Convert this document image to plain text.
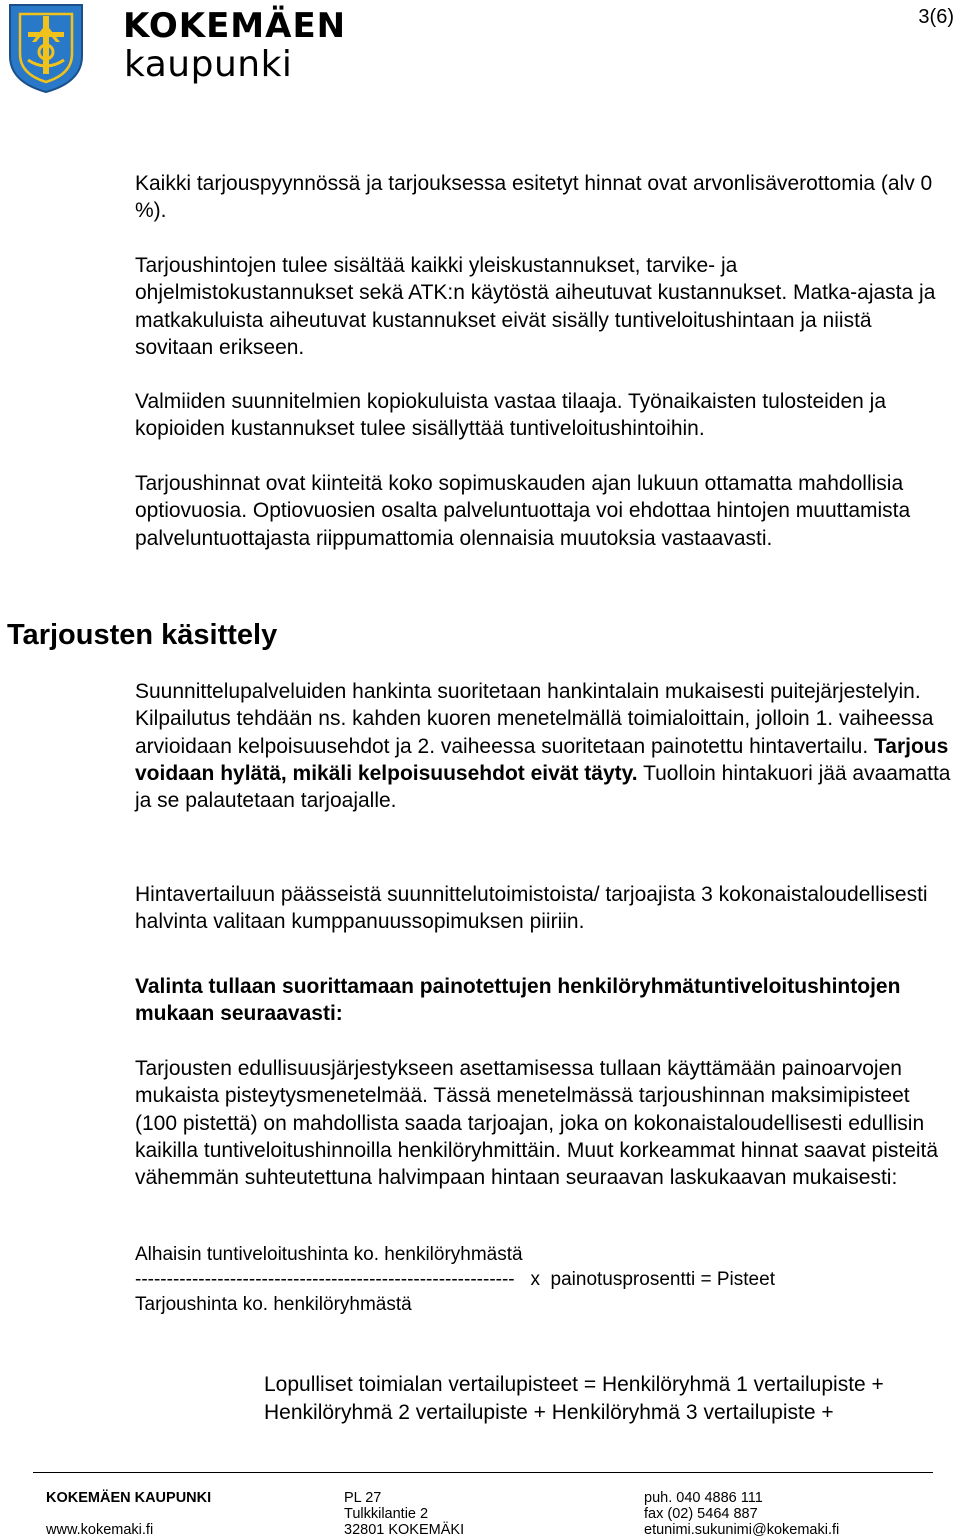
KOKEMÄEN
kaupunki
3(6)

Kaikki tarjouspyynnössä ja tarjouksessa esitetyt hinnat ovat arvonlisäverottomia (alv 0 %).

Tarjoushintojen tulee sisältää kaikki yleiskustannukset, tarvike- ja ohjelmistokustannukset sekä ATK:n käytöstä aiheutuvat kustannukset. Matka-ajasta ja matkakuluista aiheutuvat kustannukset eivät sisälly tuntiveloitushintaan ja niistä sovitaan erikseen.

Valmiiden suunnitelmien kopiokuluista vastaa tilaaja. Työnaikaisten tulosteiden ja kopioiden kustannukset tulee sisällyttää tuntiveloitushintoihin.

Tarjoushinnat ovat kiinteitä koko sopimuskauden ajan lukuun ottamatta mahdollisia optiovuosia. Optiovuosien osalta palveluntuottaja voi ehdottaa hintojen muuttamista palveluntuottajasta riippumattomia olennaisia muutoksia vastaavasti.

Tarjousten käsittely

Suunnittelupalveluiden hankinta suoritetaan hankintalain mukaisesti puitejärjestelyin. Kilpailutus tehdään ns. kahden kuoren menetelmällä toimialoittain, jolloin 1. vaiheessa arvioidaan kelpoisuusehdot ja 2. vaiheessa suoritetaan painotettu hintavertailu. Tarjous voidaan hylätä, mikäli kelpoisuusehdot eivät täyty. Tuolloin hintakuori jää avaamatta ja se palautetaan tarjoajalle.

Hintavertailuun päässeistä suunnittelutoimistoista/ tarjoajista 3 kokonaistaloudellisesti halvinta valitaan kumppanuussopimuksen piiriin.

Valinta tullaan suorittamaan painotettujen henkilöryhmätuntiveloitushintojen mukaan seuraavasti:

Tarjousten edullisuusjärjestykseen asettamisessa tullaan käyttämään painoarvojen mukaista pisteytysmenetelmää. Tässä menetelmässä tarjoushinnan maksimipisteet (100 pistettä) on mahdollista saada tarjoajan, joka on kokonaistaloudellisesti edullisin kaikilla tuntiveloitushinnoilla henkilöryhmittäin. Muut korkeammat hinnat saavat pisteitä vähemmän suhteutettuna halvimpaan hintaan seuraavan laskukaavan mukaisesti:

Alhaisin tuntiveloitushinta ko. henkilöryhmästä
------------------------------------------------------------   x  painotusprosentti = Pisteet
Tarjoushinta ko. henkilöryhmästä

Lopulliset toimialan vertailupisteet = Henkilöryhmä 1 vertailupiste + Henkilöryhmä 2 vertailupiste + Henkilöryhmä 3 vertailupiste +

KOKEMÄEN KAUPUNKI
www.kokemaki.fi
PL 27
Tulkkilantie 2
32801 KOKEMÄKI
puh. 040 4886 111
fax (02) 5464 887
etunimi.sukunimi@kokemaki.fi
